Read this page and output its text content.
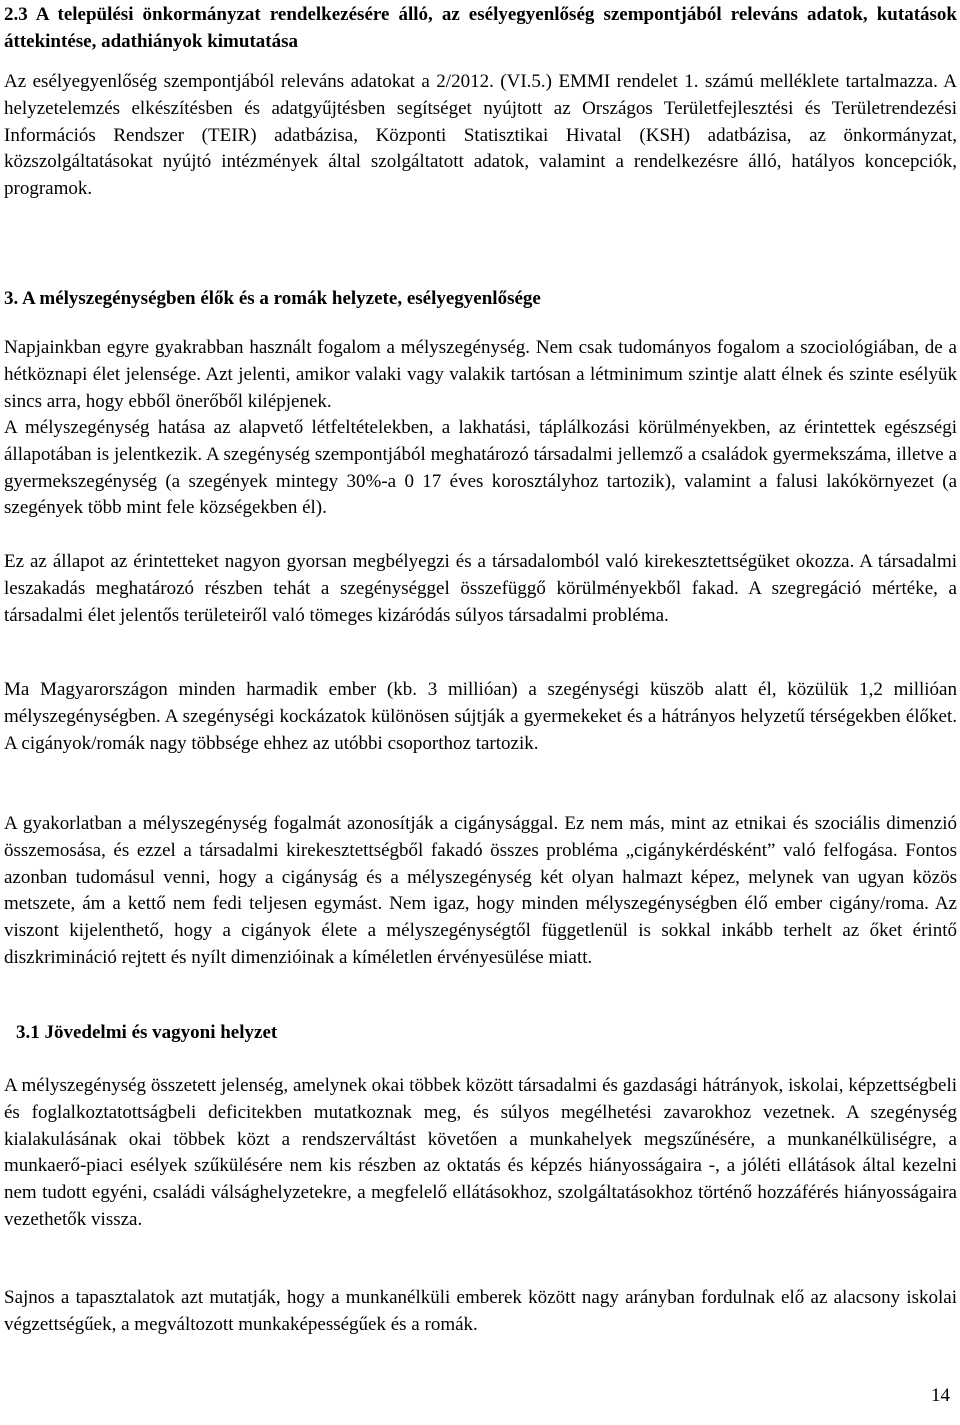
2.3 A települési önkormányzat rendelkezésére álló, az esélyegyenlőség szempontjából releváns adatok, kutatások áttekintése, adathiányok kimutatása

Az esélyegyenlőség szempontjából releváns adatokat a 2/2012. (VI.5.) EMMI rendelet 1. számú melléklete tartalmazza. A helyzetelemzés elkészítésben és adatgyűjtésben segítséget nyújtott az Országos Területfejlesztési és Területrendezési Információs Rendszer (TEIR) adatbázisa, Központi Statisztikai Hivatal (KSH) adatbázisa, az önkormányzat, közszolgáltatásokat nyújtó intézmények által szolgáltatott adatok, valamint a rendelkezésre álló, hatályos koncepciók, programok.

3. A mélyszegénységben élők és a romák helyzete, esélyegyenlősége

Napjainkban egyre gyakrabban használt fogalom a mélyszegénység. Nem csak tudományos fogalom a szociológiában, de a hétköznapi élet jelensége. Azt jelenti, amikor valaki vagy valakik tartósan a létminimum szintje alatt élnek és szinte esélyük sincs arra, hogy ebből önerőből kilépjenek.

A mélyszegénység hatása az alapvető létfeltételekben, a lakhatási, táplálkozási körülményekben, az érintettek egészségi állapotában is jelentkezik. A szegénység szempontjából meghatározó társadalmi jellemző a családok gyermekszáma, illetve a gyermekszegénység (a szegények mintegy 30%-a 0 17 éves korosztályhoz tartozik), valamint a falusi lakókörnyezet (a szegények több mint fele községekben él).

Ez az állapot az érintetteket nagyon gyorsan megbélyegzi és a társadalomból való kirekesztettségüket okozza. A társadalmi leszakadás meghatározó részben tehát a szegénységgel összefüggő körülményekből fakad. A szegregáció mértéke, a társadalmi élet jelentős területeiről való tömeges kizáródás súlyos társadalmi probléma.

Ma Magyarországon minden harmadik ember (kb. 3 millióan) a szegénységi küszöb alatt él, közülük 1,2 millióan mélyszegénységben. A szegénységi kockázatok különösen sújtják a gyermekeket és a hátrányos helyzetű térségekben élőket. A cigányok/romák nagy többsége ehhez az utóbbi csoporthoz tartozik.

A gyakorlatban a mélyszegénység fogalmát azonosítják a cigánysággal. Ez nem más, mint az etnikai és szociális dimenzió összemosása, és ezzel a társadalmi kirekesztettségből fakadó összes probléma „cigánykérdésként” való felfogása. Fontos azonban tudomásul venni, hogy a cigányság és a mélyszegénység két olyan halmazt képez, melynek van ugyan közös metszete, ám a kettő nem fedi teljesen egymást. Nem igaz, hogy minden mélyszegénységben élő ember cigány/roma. Az viszont kijelenthető, hogy a cigányok élete a mélyszegénységtől függetlenül is sokkal inkább terhelt az őket érintő diszkrimináció rejtett és nyílt dimenzióinak a kíméletlen érvényesülése miatt.

3.1 Jövedelmi és vagyoni helyzet

A mélyszegénység összetett jelenség, amelynek okai többek között társadalmi és gazdasági hátrányok, iskolai, képzettségbeli és foglalkoztatottságbeli deficitekben mutatkoznak meg, és súlyos megélhetési zavarokhoz vezetnek. A szegénység kialakulásának okai többek közt a rendszerváltást követően a munkahelyek megszűnésére, a munkanélküliségre, a munkaerő-piaci esélyek szűkülésére nem kis részben az oktatás és képzés hiányosságaira -, a jóléti ellátások által kezelni nem tudott egyéni, családi válsághelyzetekre, a megfelelő ellátásokhoz, szolgáltatásokhoz történő hozzáférés hiányosságaira vezethetők vissza.

Sajnos a tapasztalatok azt mutatják, hogy a munkanélküli emberek között nagy arányban fordulnak elő az alacsony iskolai végzettségűek, a megváltozott munkaképességűek és a romák.

14
